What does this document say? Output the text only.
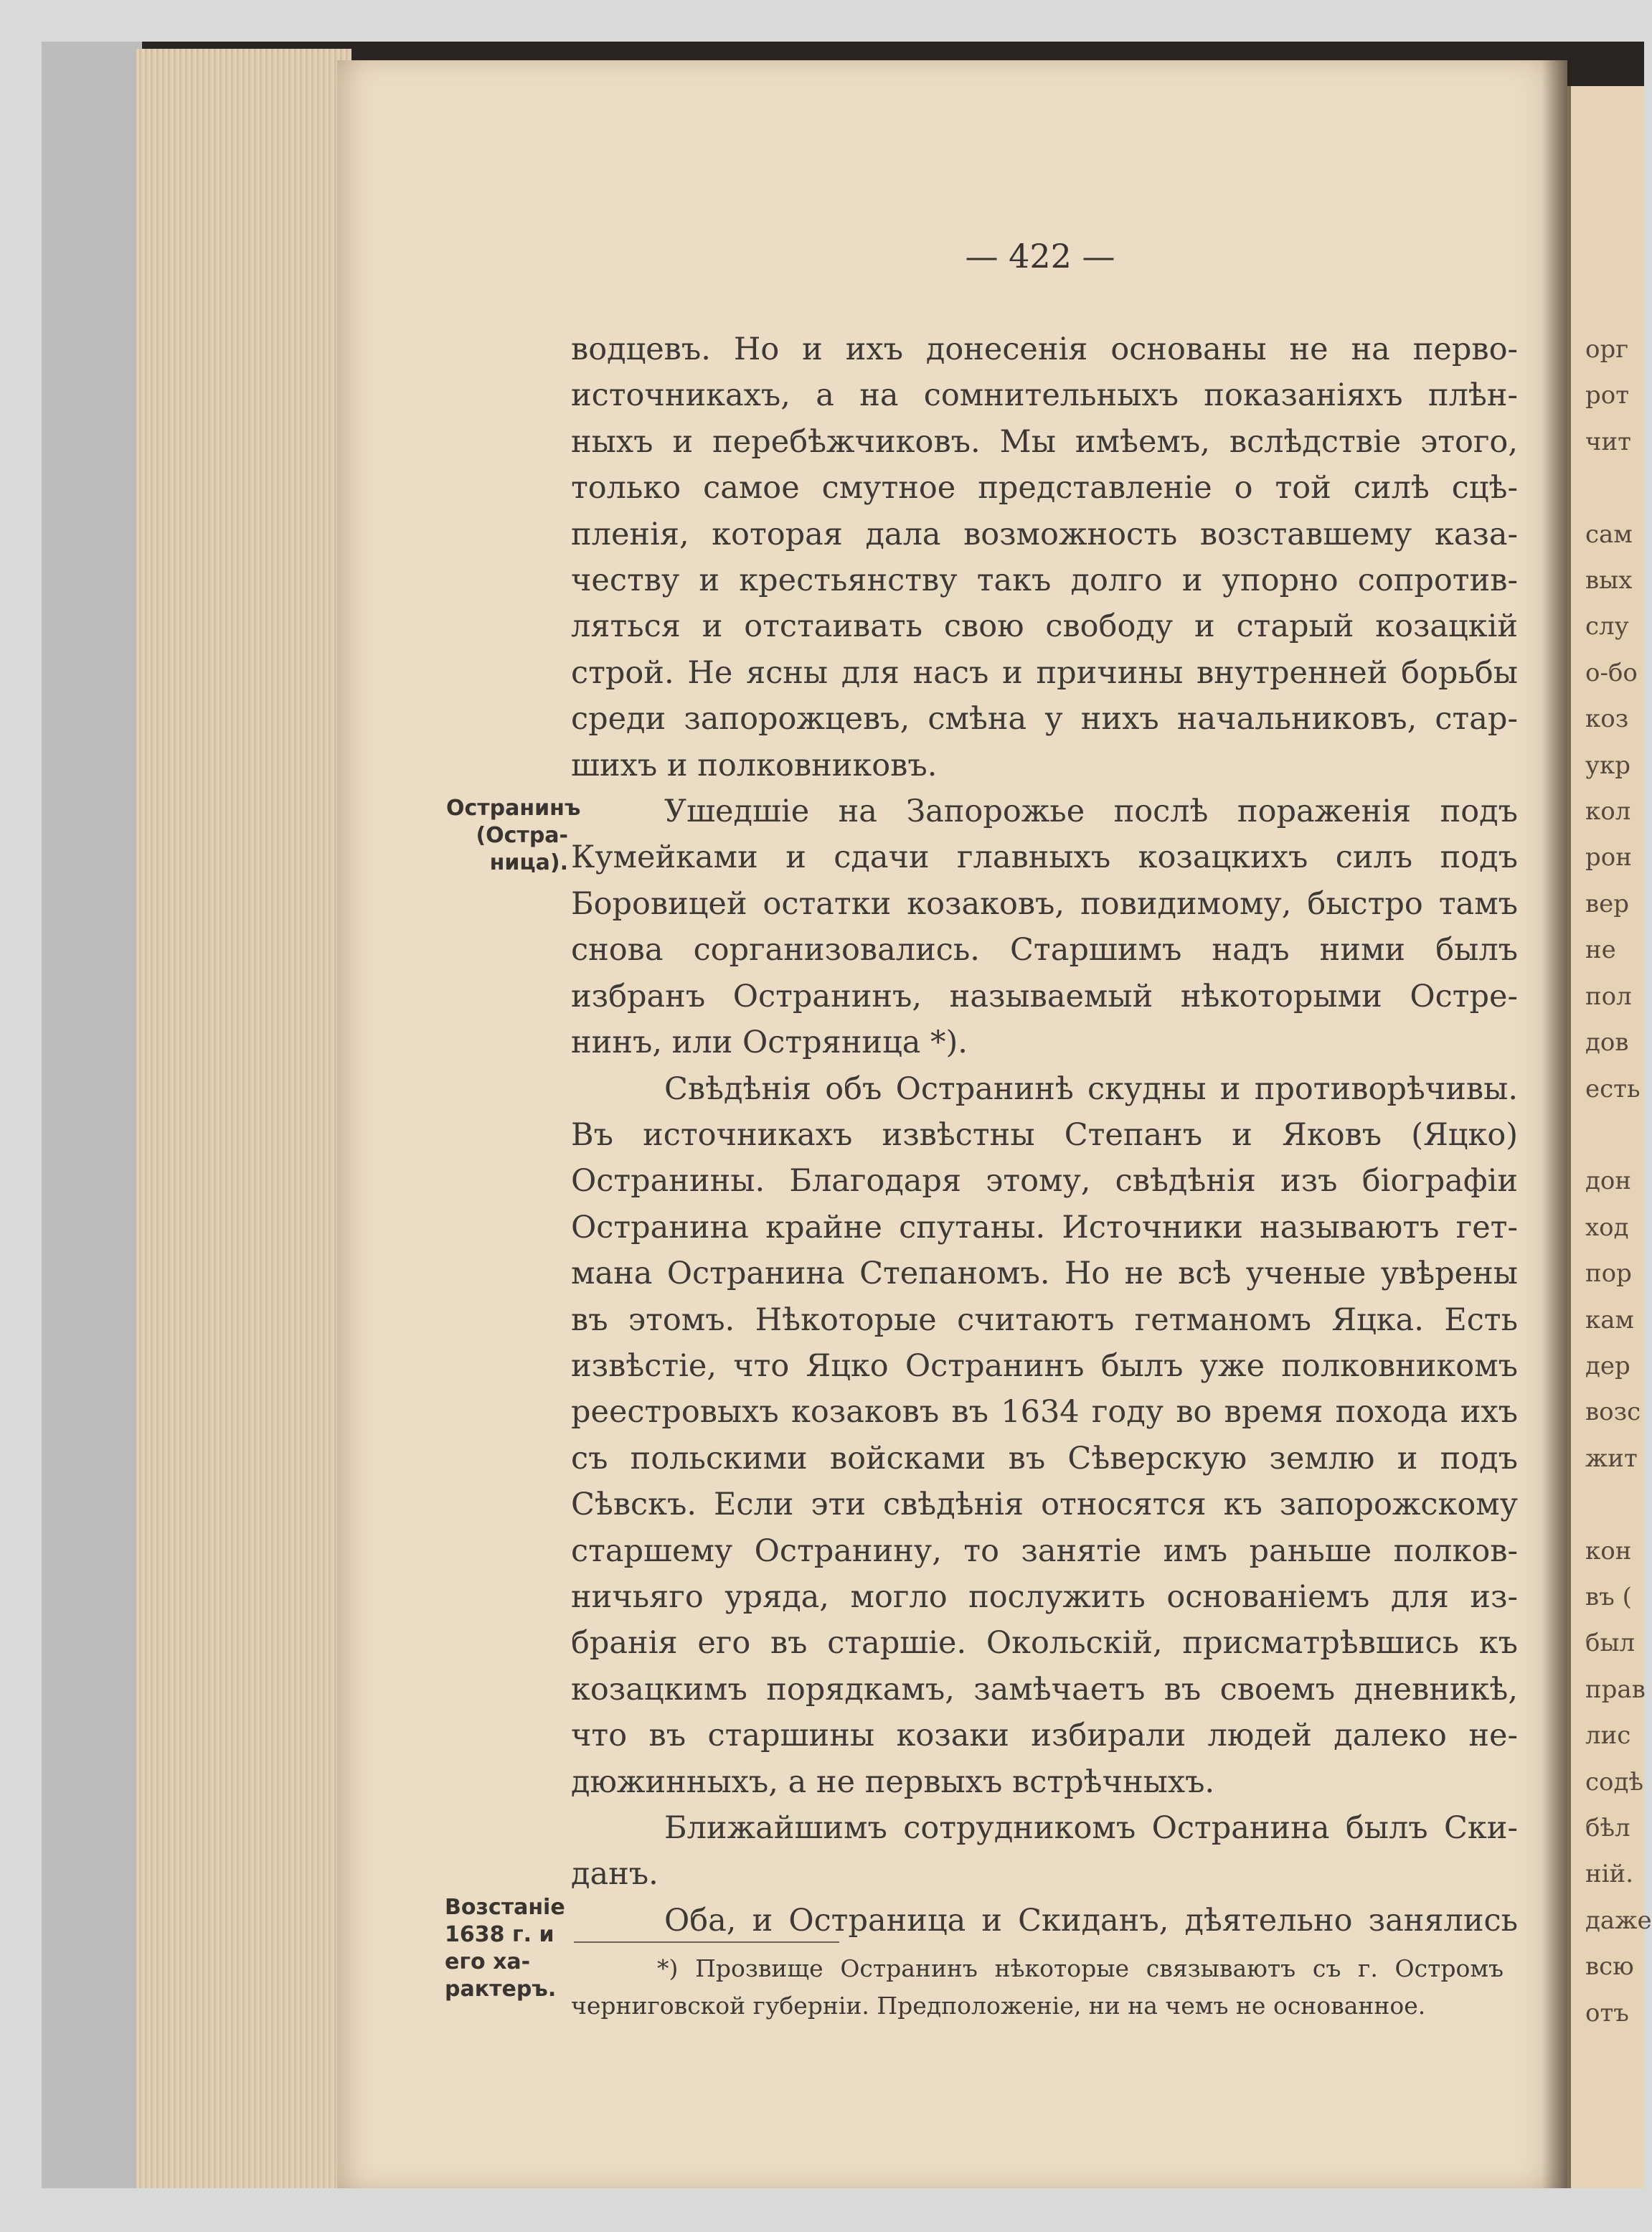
— 422 —
водцевъ. Но и ихъ донесенія основаны не на перво-
источникахъ, а на сомнительныхъ показаніяхъ плѣн-
ныхъ и перебѣжчиковъ. Мы имѣемъ, вслѣдствіе этого,
только самое смутное представленіе о той силѣ сцѣ-
пленія, которая дала возможность возставшему каза-
честву и крестьянству такъ долго и упорно сопротив-
ляться и отстаивать свою свободу и старый козацкій
строй. Не ясны для насъ и причины внутренней борьбы
среди запорожцевъ, смѣна у нихъ начальниковъ, стар-
шихъ и полковниковъ.
Ушедшіе на Запорожье послѣ пораженія подъ
Кумейками и сдачи главныхъ козацкихъ силъ подъ
Боровицей остатки козаковъ, повидимому, быстро тамъ
снова сорганизовались. Старшимъ надъ ними былъ
избранъ Остранинъ, называемый нѣкоторыми Остре-
нинъ, или Остряница *).
Свѣдѣнія объ Остранинѣ скудны и противорѣчивы.
Въ источникахъ извѣстны Степанъ и Яковъ (Яцко)
Остранины. Благодаря этому, свѣдѣнія изъ біографіи
Остранина крайне спутаны. Источники называютъ гет-
мана Остранина Степаномъ. Но не всѣ ученые увѣрены
въ этомъ. Нѣкоторые считаютъ гетманомъ Яцка. Есть
извѣстіе, что Яцко Остранинъ былъ уже полковникомъ
реестровыхъ козаковъ въ 1634 году во время похода ихъ
съ польскими войсками въ Сѣверскую землю и подъ
Сѣвскъ. Если эти свѣдѣнія относятся къ запорожскому
старшему Остранину, то занятіе имъ раньше полков-
ничьяго уряда, могло послужить основаніемъ для из-
бранія его въ старшіе. Окольскій, присматрѣвшись къ
козацкимъ порядкамъ, замѣчаетъ въ своемъ дневникѣ,
что въ старшины козаки избирали людей далеко не-
дюжинныхъ, а не первыхъ встрѣчныхъ.
Ближайшимъ сотрудникомъ Остранина былъ Ски-
данъ.
Оба, и Остраница и Скиданъ, дѣятельно занялись
Остранинъ
(Остра-
ница).
Возстаніе
1638 г. и
его ха-
рактеръ.
*) Прозвище Остранинъ нѣкоторые связываютъ съ г. Остромъ
черниговской губерніи. Предположеніе, ни на чемъ не основанное.
орг
рот
чит

сам
вых
слу
о-бо
коз
укр
кол
рон
вер
не
пол
дов
есть

дон
ход
пор
кам
дер
возс
жит

кон
въ (
был
прав
лис
содѣ
бѣл
ній.
даже
всю
отъ
